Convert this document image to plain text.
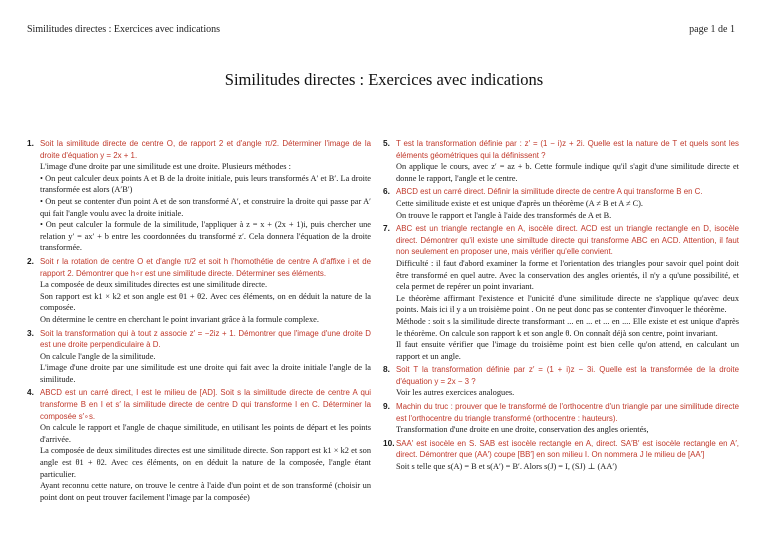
Similitudes directes : Exercices avec indications	page 1 de 1
Similitudes directes : Exercices avec indications
1. Soit la similitude directe de centre O, de rapport 2 et d'angle π/2. Déterminer l'image de la droite d'équation y = 2x + 1.
L'image d'une droite par une similitude est une droite. Plusieurs méthodes :
• On peut calculer deux points A et B de la droite initiale, puis leurs transformés A′ et B′. La droite transformée est alors (A′B′)
• On peut se contenter d'un point A et de son transformé A′, et construire la droite qui passe par A′ qui fait l'angle voulu avec la droite initiale.
• On peut calculer la formule de la similitude, l'appliquer à z = x + (2x + 1)i, puis chercher une relation y′ = ax′ + b entre les coordonnées du transformé z′. Cela donnera l'équation de la droite transformée.
2. Soit r la rotation de centre O et d'angle π/2 et soit h l'homothétie de centre A d'affixe i et de rapport 2. Démontrer que h∘r est une similitude directe. Déterminer ses éléments.
La composée de deux similitudes directes est une similitude directe.
Son rapport est k1 × k2 et son angle est θ1 + θ2. Avec ces éléments, on en déduit la nature de la composée.
On détermine le centre en cherchant le point invariant grâce à la formule complexe.
3. Soit la transformation qui à tout z associe z′ = −2iz + 1. Démontrer que l'image d'une droite D est une droite perpendiculaire à D.
On calcule l'angle de la similitude.
L'image d'une droite par une similitude est une droite qui fait avec la droite initiale l'angle de la similitude.
4. ABCD est un carré direct, I est le milieu de [AD]. Soit s la similitude directe de centre A qui transforme B en I et s′ la similitude directe de centre D qui transforme I en C. Déterminer la composée s′∘s.
On calcule le rapport et l'angle de chaque similitude, en utilisant les points de départ et les points d'arrivée.
La composée de deux similitudes directes est une similitude directe. Son rapport est k1 × k2 et son angle est θ1 + θ2. Avec ces éléments, on en déduit la nature de la composée, l'angle étant particulier.
Ayant reconnu cette nature, on trouve le centre à l'aide d'un point et de son transformé (choisir un point dont on peut trouver facilement l'image par la composée)
5. T est la transformation définie par : z′ = (1 − i)z + 2i. Quelle est la nature de T et quels sont les éléments géométriques qui la définissent ?
On applique le cours, avec z′ = az + b. Cette formule indique qu'il s'agit d'une similitude directe et donne le rapport, l'angle et le centre.
6. ABCD est un carré direct. Définir la similitude directe de centre A qui transforme B en C.
Cette similitude existe et est unique d'après un théorème (A ≠ B et A ≠ C).
On trouve le rapport et l'angle à l'aide des transformés de A et B.
7. ABC est un triangle rectangle en A, isocèle direct. ACD est un triangle rectangle en D, isocèle direct. Démontrer qu'il existe une similtude directe qui transforme ABC en ACD. Attention, il faut non seulement en proposer une, mais vérifier qu'elle convient.
Difficulté : il faut d'abord examiner la forme et l'orientation des triangles pour savoir quel point doit être transformé en quel autre. Avec la conservation des angles orientés, il n'y a qu'une possibilité, et cela permet de repérer un point invariant.
Le théorème affirmant l'existence et l'unicité d'une similitude directe ne s'applique qu'avec deux points. Mais ici il y a un troisième point . On ne peut donc pas se contenter d'invoquer le théorème.
Méthode : soit s la similitude directe transformant ... en ... et ... en .... Elle existe et est unique d'après le théorème. On calcule son rapport k et son angle θ. On connaît déjà son centre, point invariant.
Il faut ensuite vérifier que l'image du troisième point est bien celle qu'on attend, en calculant un rapport et un angle.
8. Soit T la transformation définie par z′ = (1 + i)z − 3i. Quelle est la transformée de la droite d'équation y = 2x − 3 ?
Voir les autres exercices analogues.
9. Machin du truc : prouver que le transformé de l'orthocentre d'un triangle par une similitude directe est l'orthocentre du triangle transformé (orthocentre : hauteurs).
Transformation d'une droite en une droite, conservation des angles orientés,
10. SAA′ est isocèle en S. SAB est isocèle rectangle en A, direct. SA′B′ est isocèle rectangle en A′, direct. Démontrer que (AA′) coupe [BB′] en son milieu I. On nommera J le milieu de [AA′]
Soit s telle que s(A) = B et s(A′) = B′. Alors s(J) = I, (SJ) ⊥ (AA′)
